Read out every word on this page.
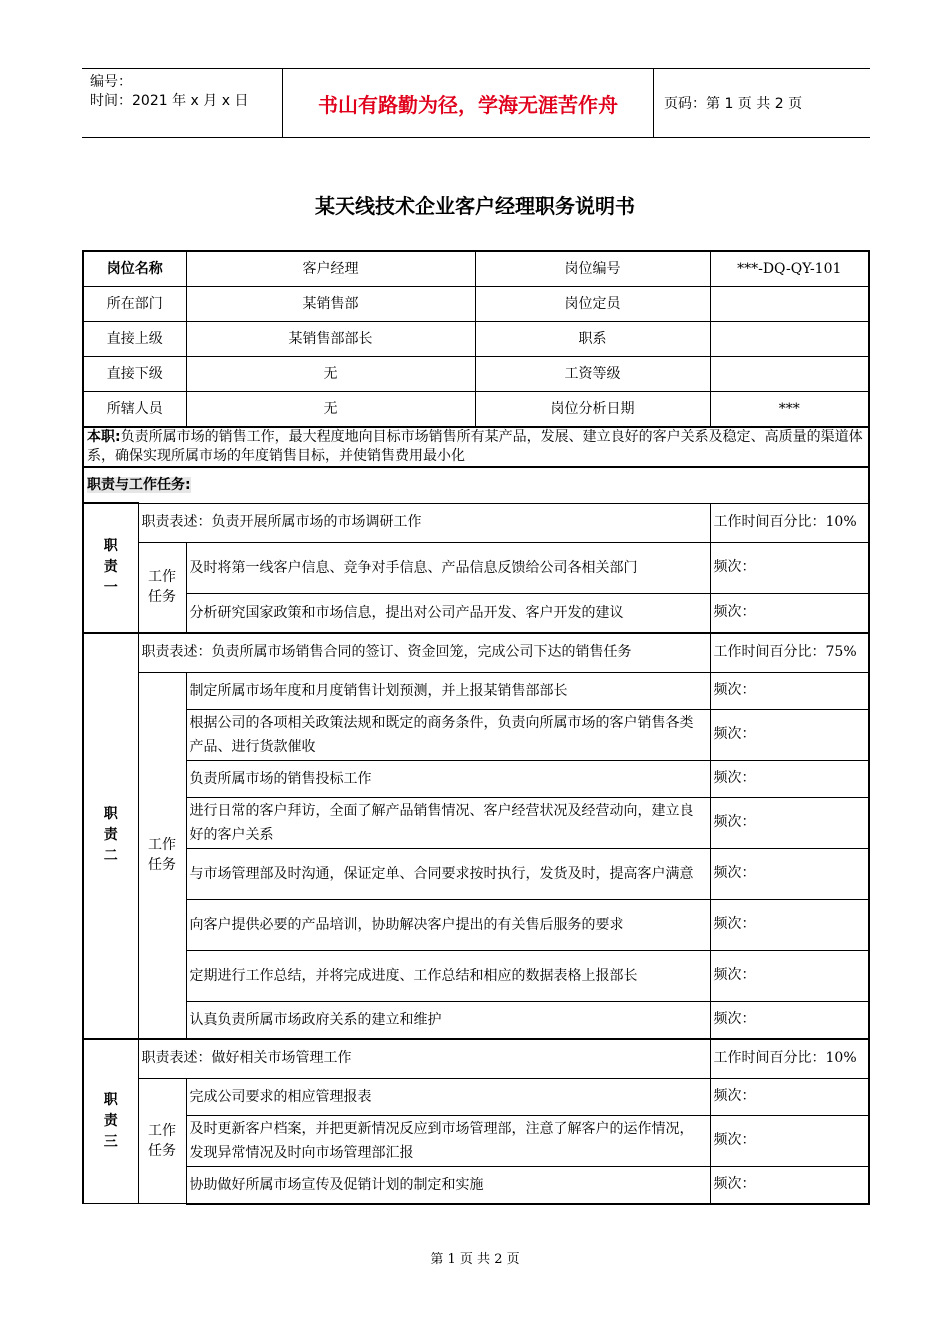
编号：
时间：2021 年 x 月 x 日	书山有路勤为径，学海无涯苦作舟	页码：第 1 页 共 2 页
某天线技术企业客户经理职务说明书
岗位名称		客户经理	岗位编号	***-DQ-QY-101
所在部门		某销售部	岗位定员	
直接上级		某销售部部长	职系	
直接下级		无	工资等级	
所辖人员		无	岗位分析日期	***
本职:负责所属市场的销售工作，最大程度地向目标市场销售所有某产品，发展、建立良好的客户关系及稳定、高质量的渠道体系，确保实现所属市场的年度销售目标，并使销售费用最小化				
职责与工作任务:				
职
责
一	职责表述：负责开展所属市场的市场调研工作			工作时间百分比：10%
	工作
任务	及时将第一线客户信息、竞争对手信息、产品信息反馈给公司各相关部门		频次：
		分析研究国家政策和市场信息，提出对公司产品开发、客户开发的建议		频次：
职
责
二	职责表述：负责所属市场销售合同的签订、资金回笼，完成公司下达的销售任务			工作时间百分比：75%
	工作
任务	制定所属市场年度和月度销售计划预测，并上报某销售部部长		频次：
		根据公司的各项相关政策法规和既定的商务条件，负责向所属市场的客户销售各类产品、进行货款催收		频次：
		负责所属市场的销售投标工作		频次：
		进行日常的客户拜访，全面了解产品销售情况、客户经营状况及经营动向，建立良好的客户关系		频次：
		与市场管理部及时沟通，保证定单、合同要求按时执行，发货及时，提高客户满意		频次：
		向客户提供必要的产品培训，协助解决客户提出的有关售后服务的要求		频次：
		定期进行工作总结，并将完成进度、工作总结和相应的数据表格上报部长		频次：
		认真负责所属市场政府关系的建立和维护		频次：
职
责
三	职责表述：做好相关市场管理工作			工作时间百分比：10%
	工作
任务	完成公司要求的相应管理报表		频次：
		及时更新客户档案，并把更新情况反应到市场管理部，注意了解客户的运作情况，发现异常情况及时向市场管理部汇报		频次：
		协助做好所属市场宣传及促销计划的制定和实施		频次：
第 1 页 共 2 页
